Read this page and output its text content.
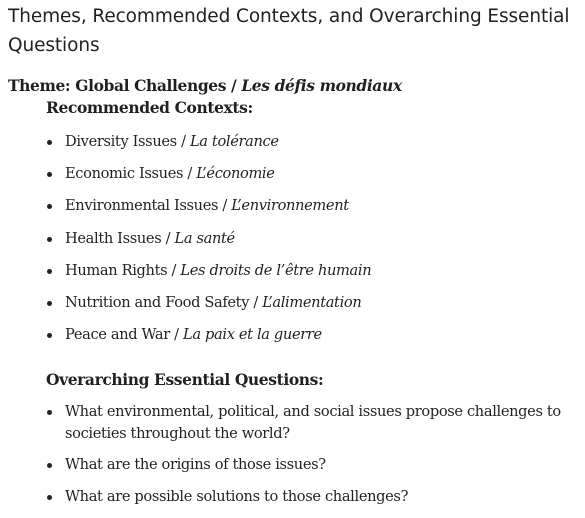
Themes, Recommended Contexts, and Overarching Essential Questions

Theme: Global Challenges / Les défis mondiaux

Recommended Contexts:

Diversity Issues / La tolérance
Economic Issues / L’économie
Environmental Issues / L’environnement
Health Issues / La santé
Human Rights / Les droits de l’être humain
Nutrition and Food Safety / L’alimentation
Peace and War / La paix et la guerre

Overarching Essential Questions:

What environmental, political, and social issues propose challenges to societies throughout the world?
What are the origins of those issues?
What are possible solutions to those challenges?
